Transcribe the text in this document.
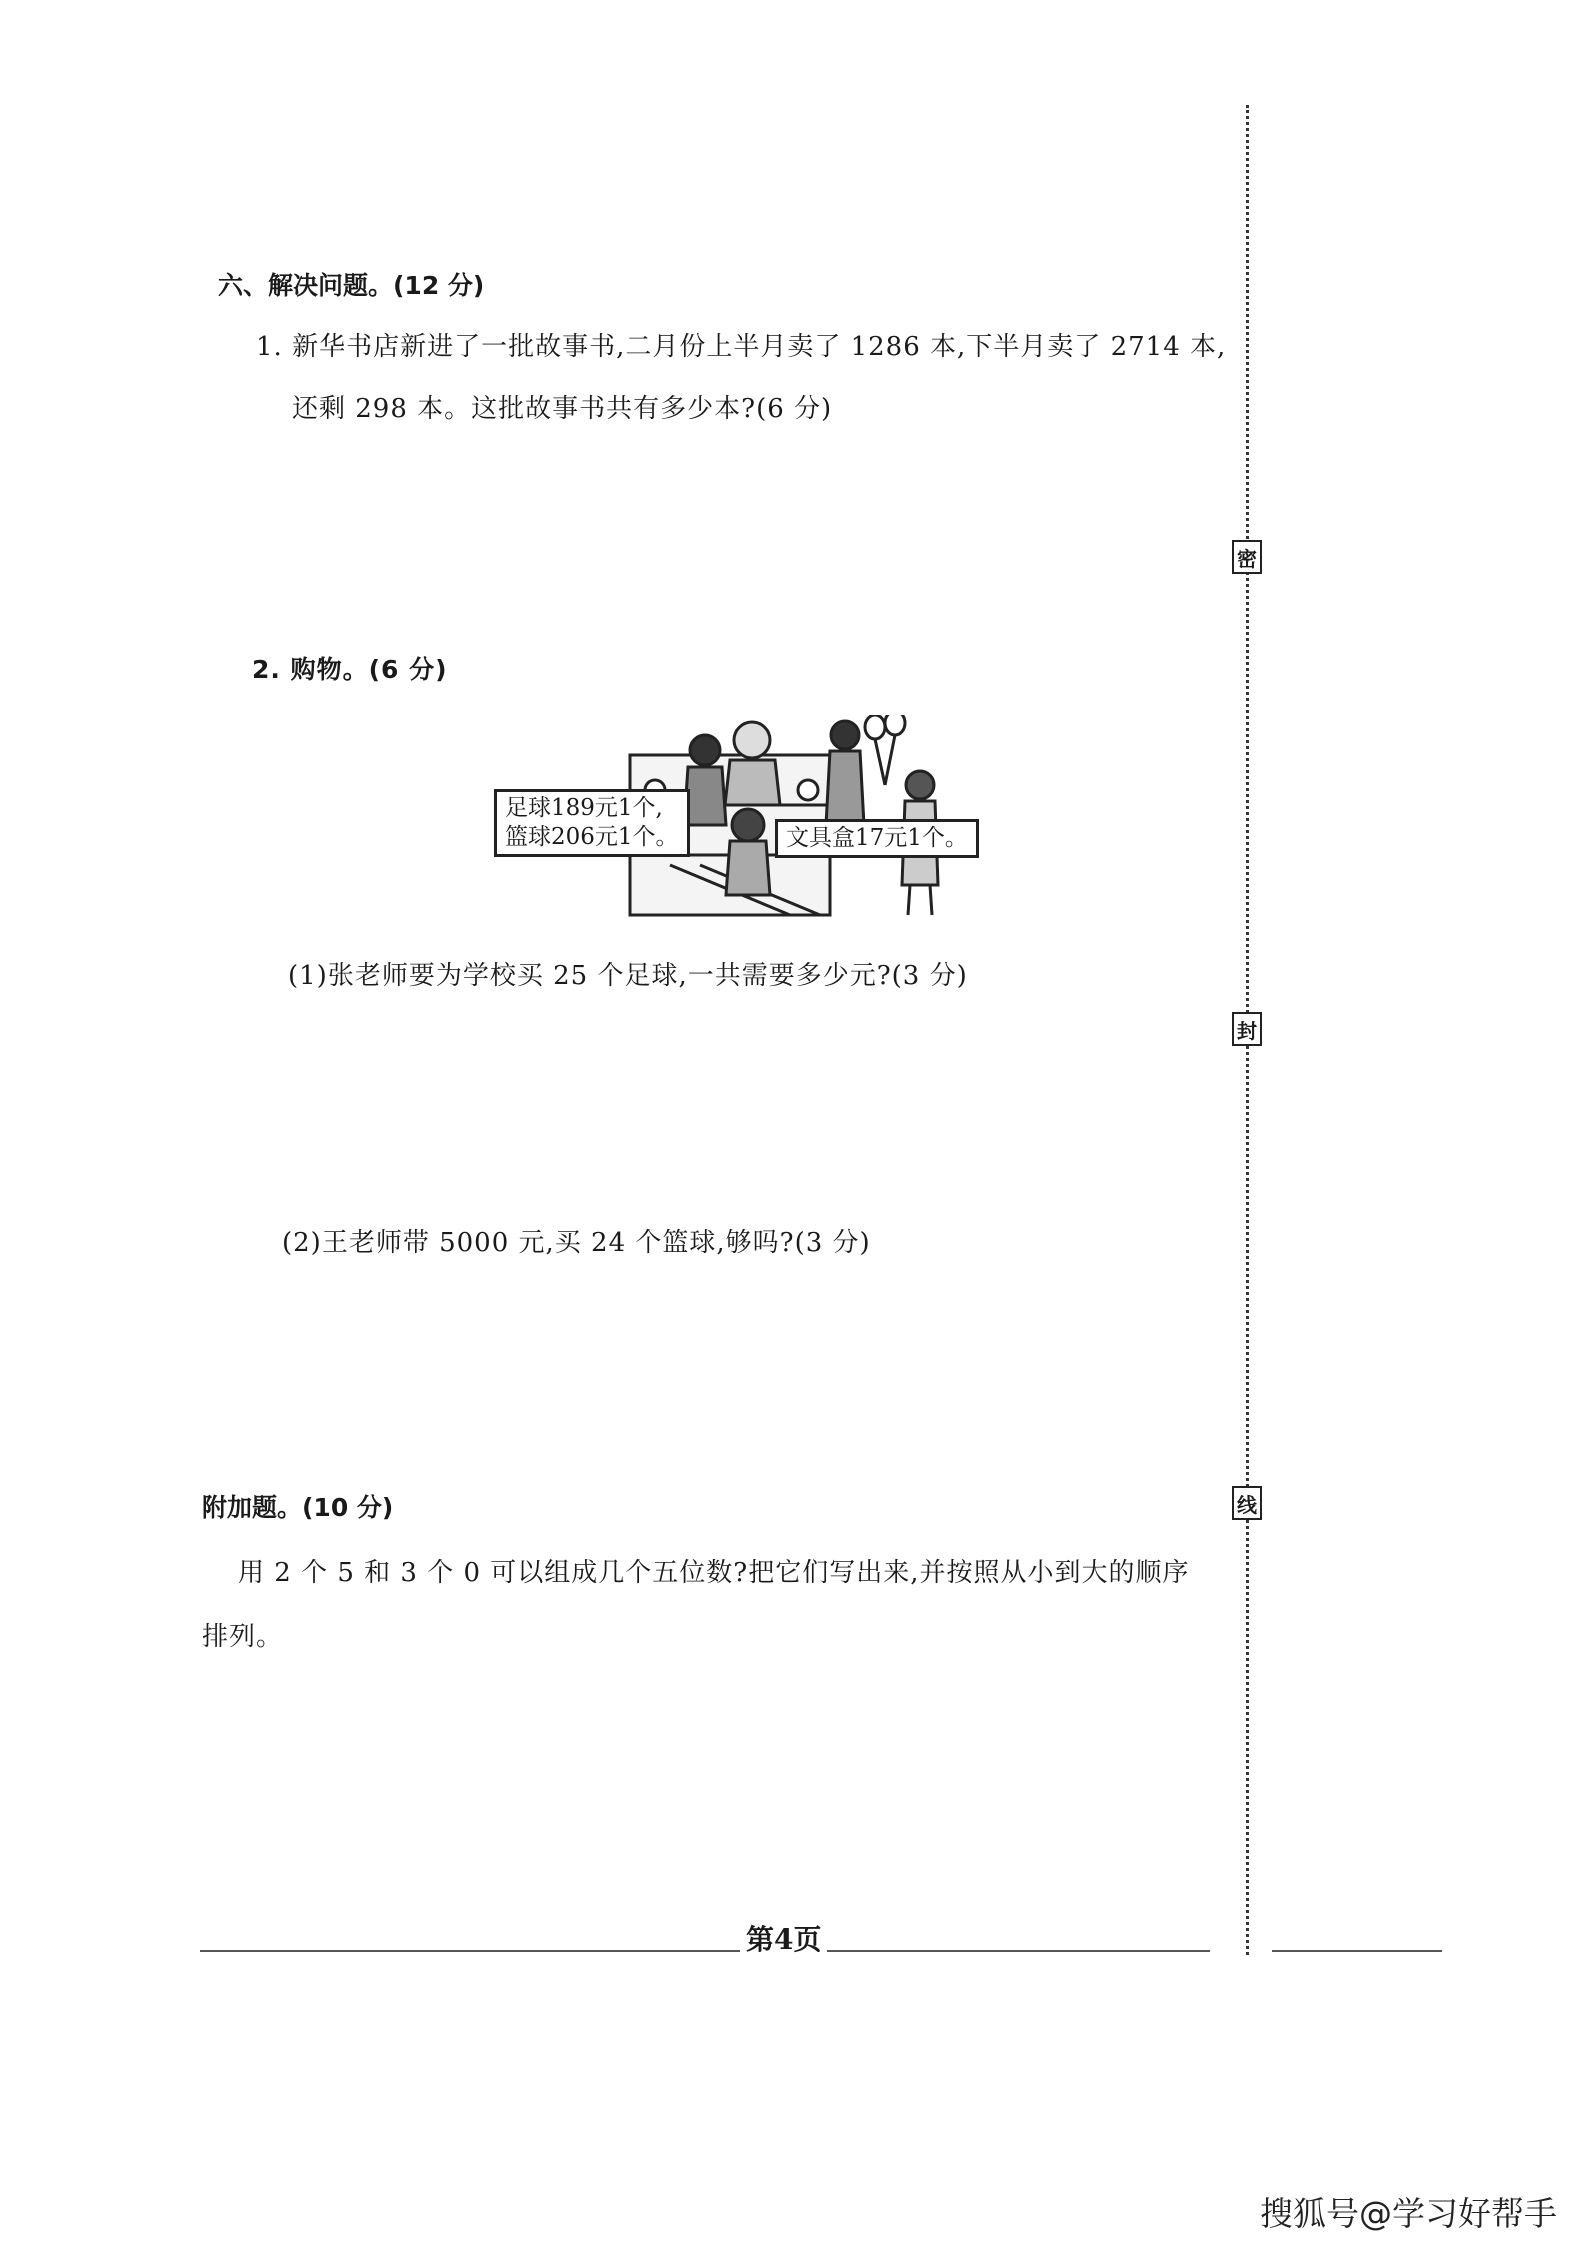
六、解决问题。(12 分)
1. 新华书店新进了一批故事书,二月份上半月卖了 1286 本,下半月卖了 2714 本,
还剩 298 本。这批故事书共有多少本?(6 分)
2. 购物。(6 分)
足球189元1个,
篮球206元1个。	文具盒17元1个。
(1)张老师要为学校买 25 个足球,一共需要多少元?(3 分)
(2)王老师带 5000 元,买 24 个篮球,够吗?(3 分)
附加题。(10 分)
用 2 个 5 和 3 个 0 可以组成几个五位数?把它们写出来,并按照从小到大的顺序
排列。
密
封
线
第4页
搜狐号@学习好帮手
